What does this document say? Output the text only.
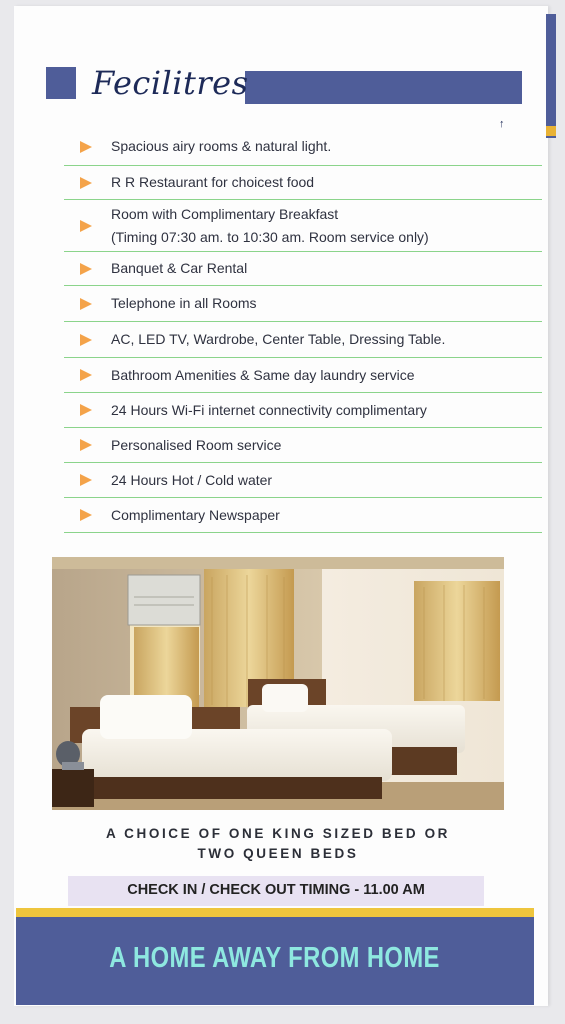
Fecilitres
↑
Spacious airy rooms & natural light.
R R Restaurant for choicest food
Room with Complimentary Breakfast
(Timing 07:30 am. to 10:30 am. Room service only)
Banquet & Car Rental
Telephone in all Rooms
AC, LED TV, Wardrobe, Center Table, Dressing Table.
Bathroom Amenities & Same day laundry service
24 Hours Wi-Fi internet connectivity complimentary
Personalised Room service
24 Hours Hot / Cold water
Complimentary Newspaper
A CHOICE OF ONE KING SIZED BED OR
TWO QUEEN BEDS
CHECK IN / CHECK OUT TIMING - 11.00 AM
A HOME AWAY FROM HOME
